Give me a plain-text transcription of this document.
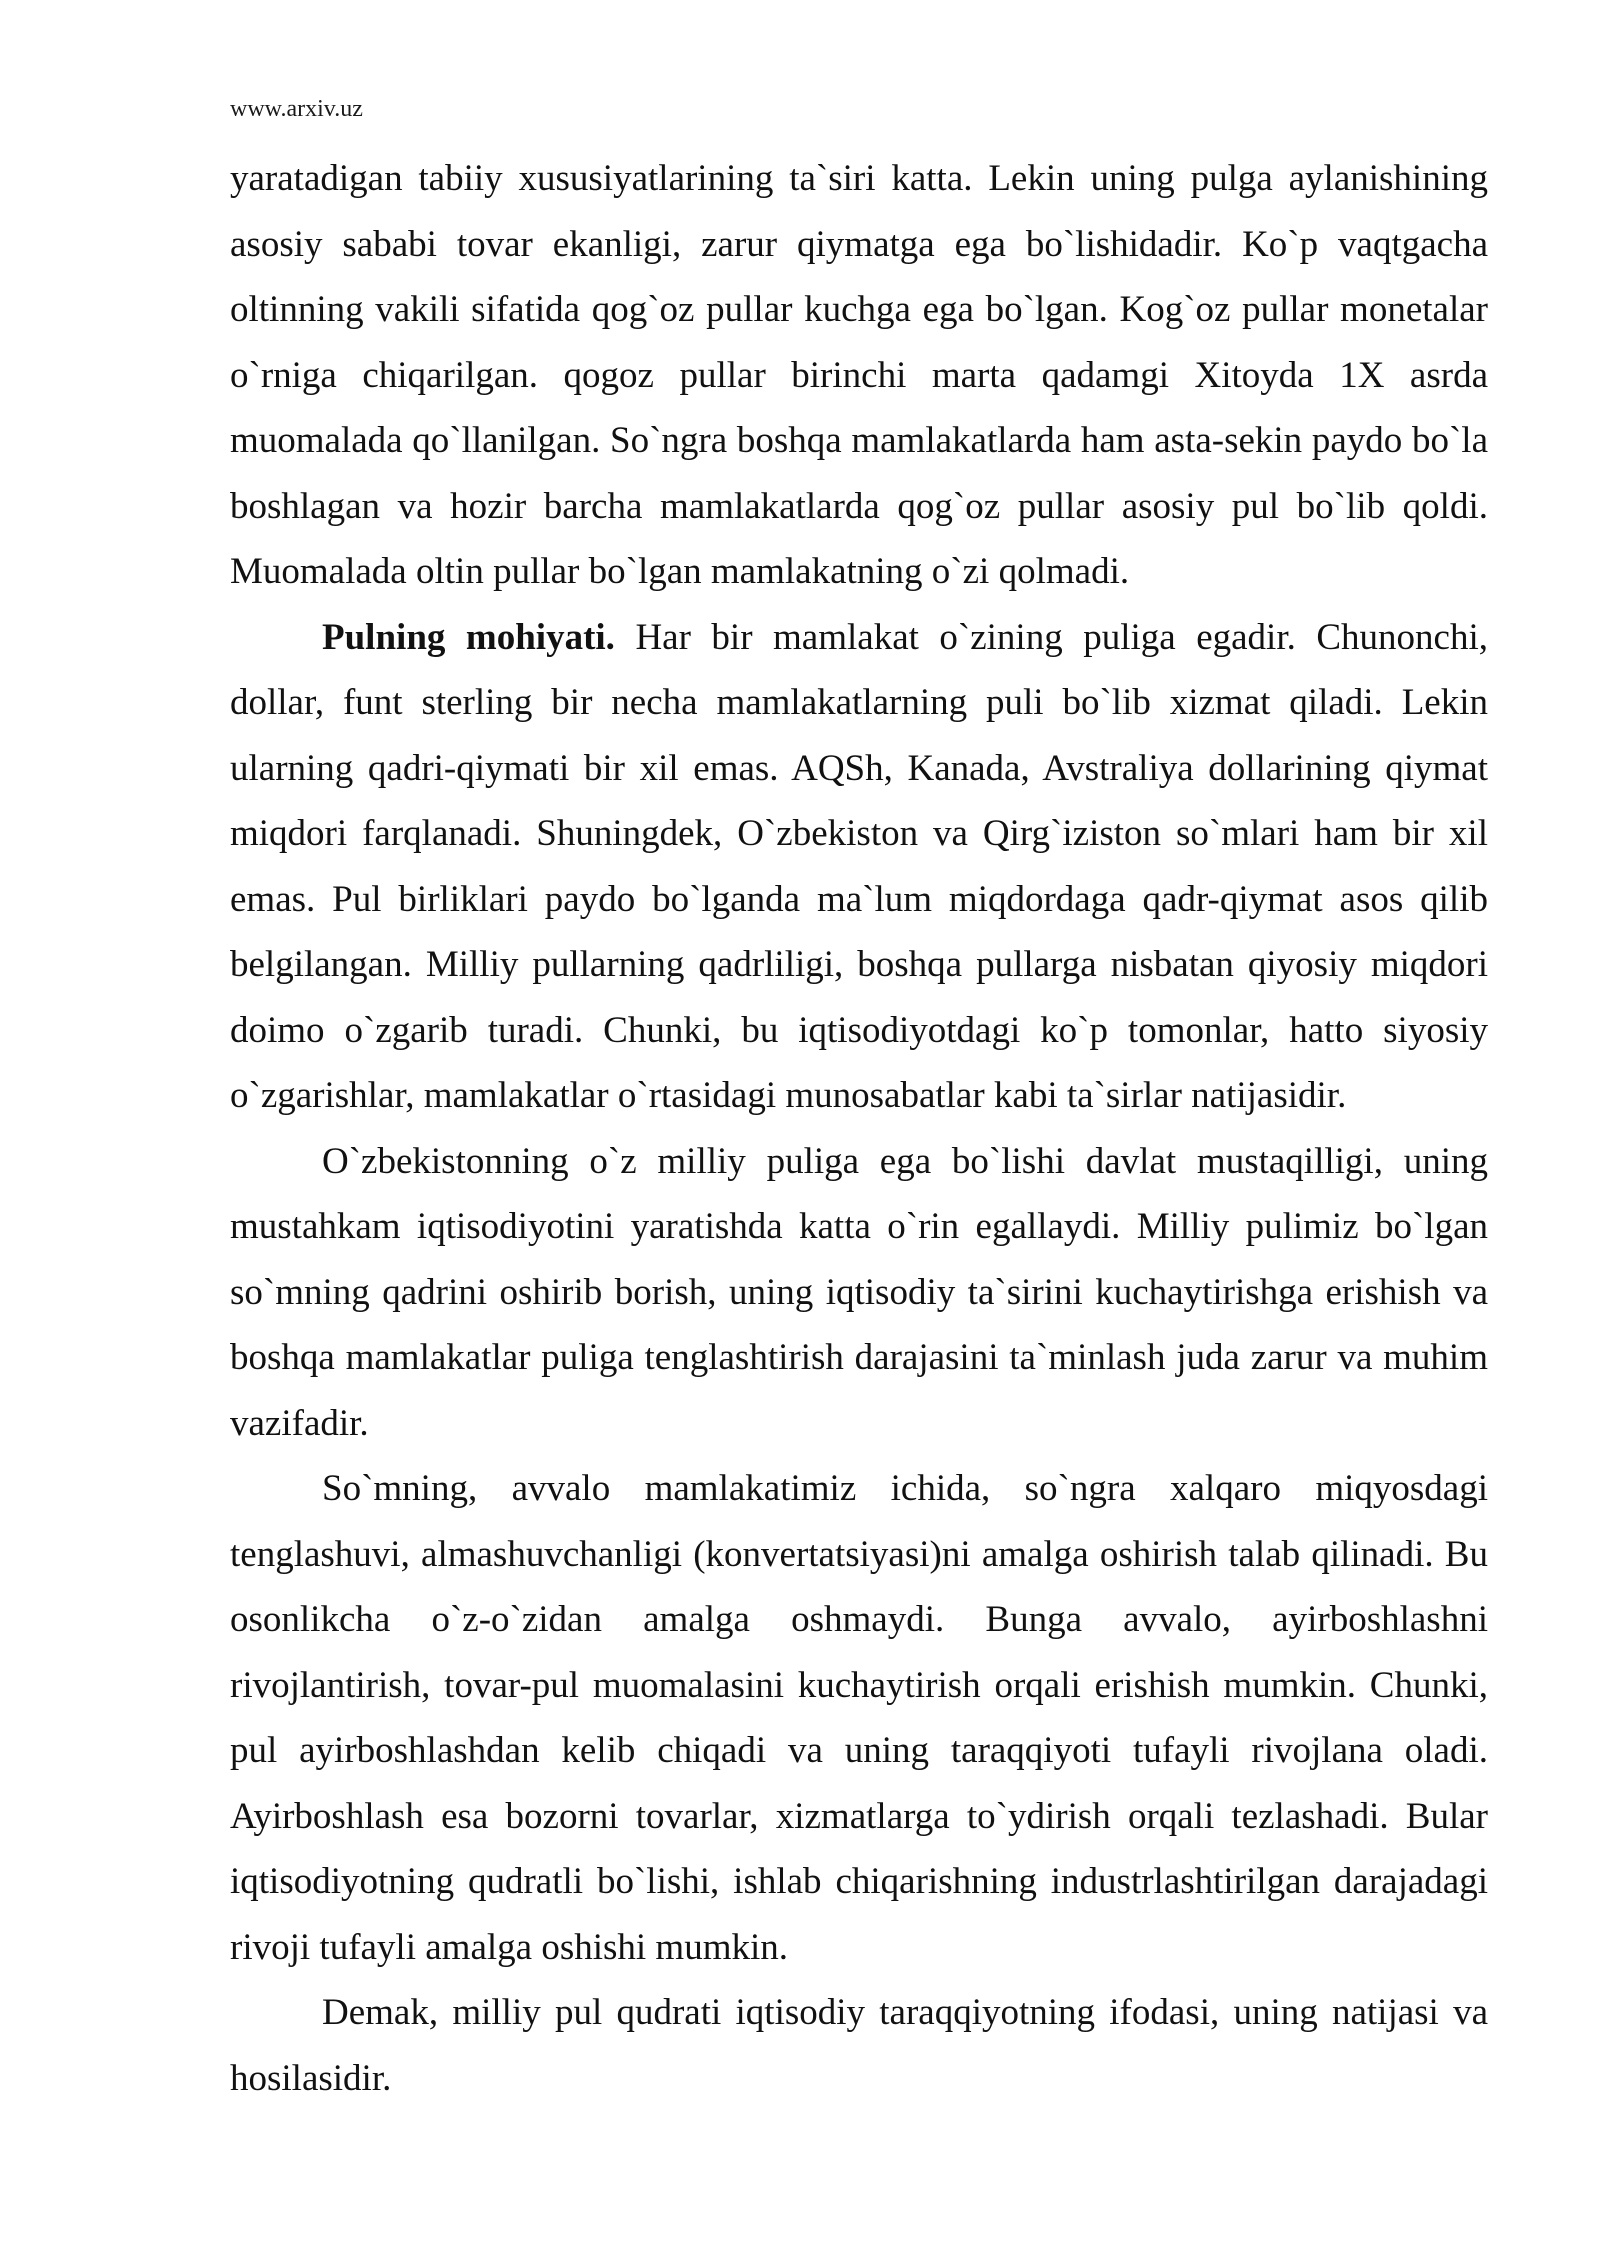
www.arxiv.uz

yaratadigan tabiiy xususiyatlarining ta`siri katta. Lekin uning pulga aylanishining asosiy sababi tovar ekanligi, zarur qiymatga ega bo`lishidadir. Ko`p vaqtgacha oltinning vakili sifatida qog`oz pullar kuchga ega bo`lgan. Kog`oz pullar monetalar o`rniga chiqarilgan. qogoz pullar birinchi marta qadamgi Xitoyda 1X asrda muomalada qo`llanilgan. So`ngra boshqa mamlakatlarda ham asta-sekin paydo bo`la boshlagan va hozir barcha mamlakatlarda qog`oz pullar asosiy pul bo`lib qoldi. Muomalada oltin pullar bo`lgan mamlakatning o`zi qolmadi.

Pulning mohiyati. Har bir mamlakat o`zining puliga egadir. Chunonchi, dollar, funt sterling bir necha mamlakatlarning puli bo`lib xizmat qiladi. Lekin ularning qadri-qiymati bir xil emas. AQSh, Kanada, Avstraliya dollarining qiymat miqdori farqlanadi. Shuningdek, O`zbekiston va Qirg`iziston so`mlari ham bir xil emas. Pul birliklari paydo bo`lganda ma`lum miqdordaga qadr-qiymat asos qilib belgilangan. Milliy pullarning qadrliligi, boshqa pullarga nisbatan qiyosiy miqdori doimo o`zgarib turadi. Chunki, bu iqtisodiyotdagi ko`p tomonlar, hatto siyosiy o`zgarishlar, mamlakatlar o`rtasidagi munosabatlar kabi ta`sirlar natijasidir.

O`zbekistonning o`z milliy puliga ega bo`lishi davlat mustaqilligi, uning mustahkam iqtisodiyotini yaratishda katta o`rin egallaydi. Milliy pulimiz bo`lgan so`mning qadrini oshirib borish, uning iqtisodiy ta`sirini kuchaytirishga erishish va boshqa mamlakatlar puliga tenglashtirish darajasini ta`minlash juda zarur va muhim vazifadir.

So`mning, avvalo mamlakatimiz ichida, so`ngra xalqaro miqyosdagi tenglashuvi, almashuvchanligi (konvertatsiyasi)ni amalga oshirish talab qilinadi. Bu osonlikcha o`z-o`zidan amalga oshmaydi. Bunga avvalo, ayirboshlashni rivojlantirish, tovar-pul muomalasini kuchaytirish orqali erishish mumkin. Chunki, pul ayirboshlashdan kelib chiqadi va uning taraqqiyoti tufayli rivojlana oladi. Ayirboshlash esa bozorni tovarlar, xizmatlarga to`ydirish orqali tezlashadi. Bular iqtisodiyotning qudratli bo`lishi, ishlab chiqarishning industrlashtirilgan darajadagi rivoji tufayli amalga oshishi mumkin.

Demak, milliy pul qudrati iqtisodiy taraqqiyotning ifodasi, uning natijasi va hosilasidir.
